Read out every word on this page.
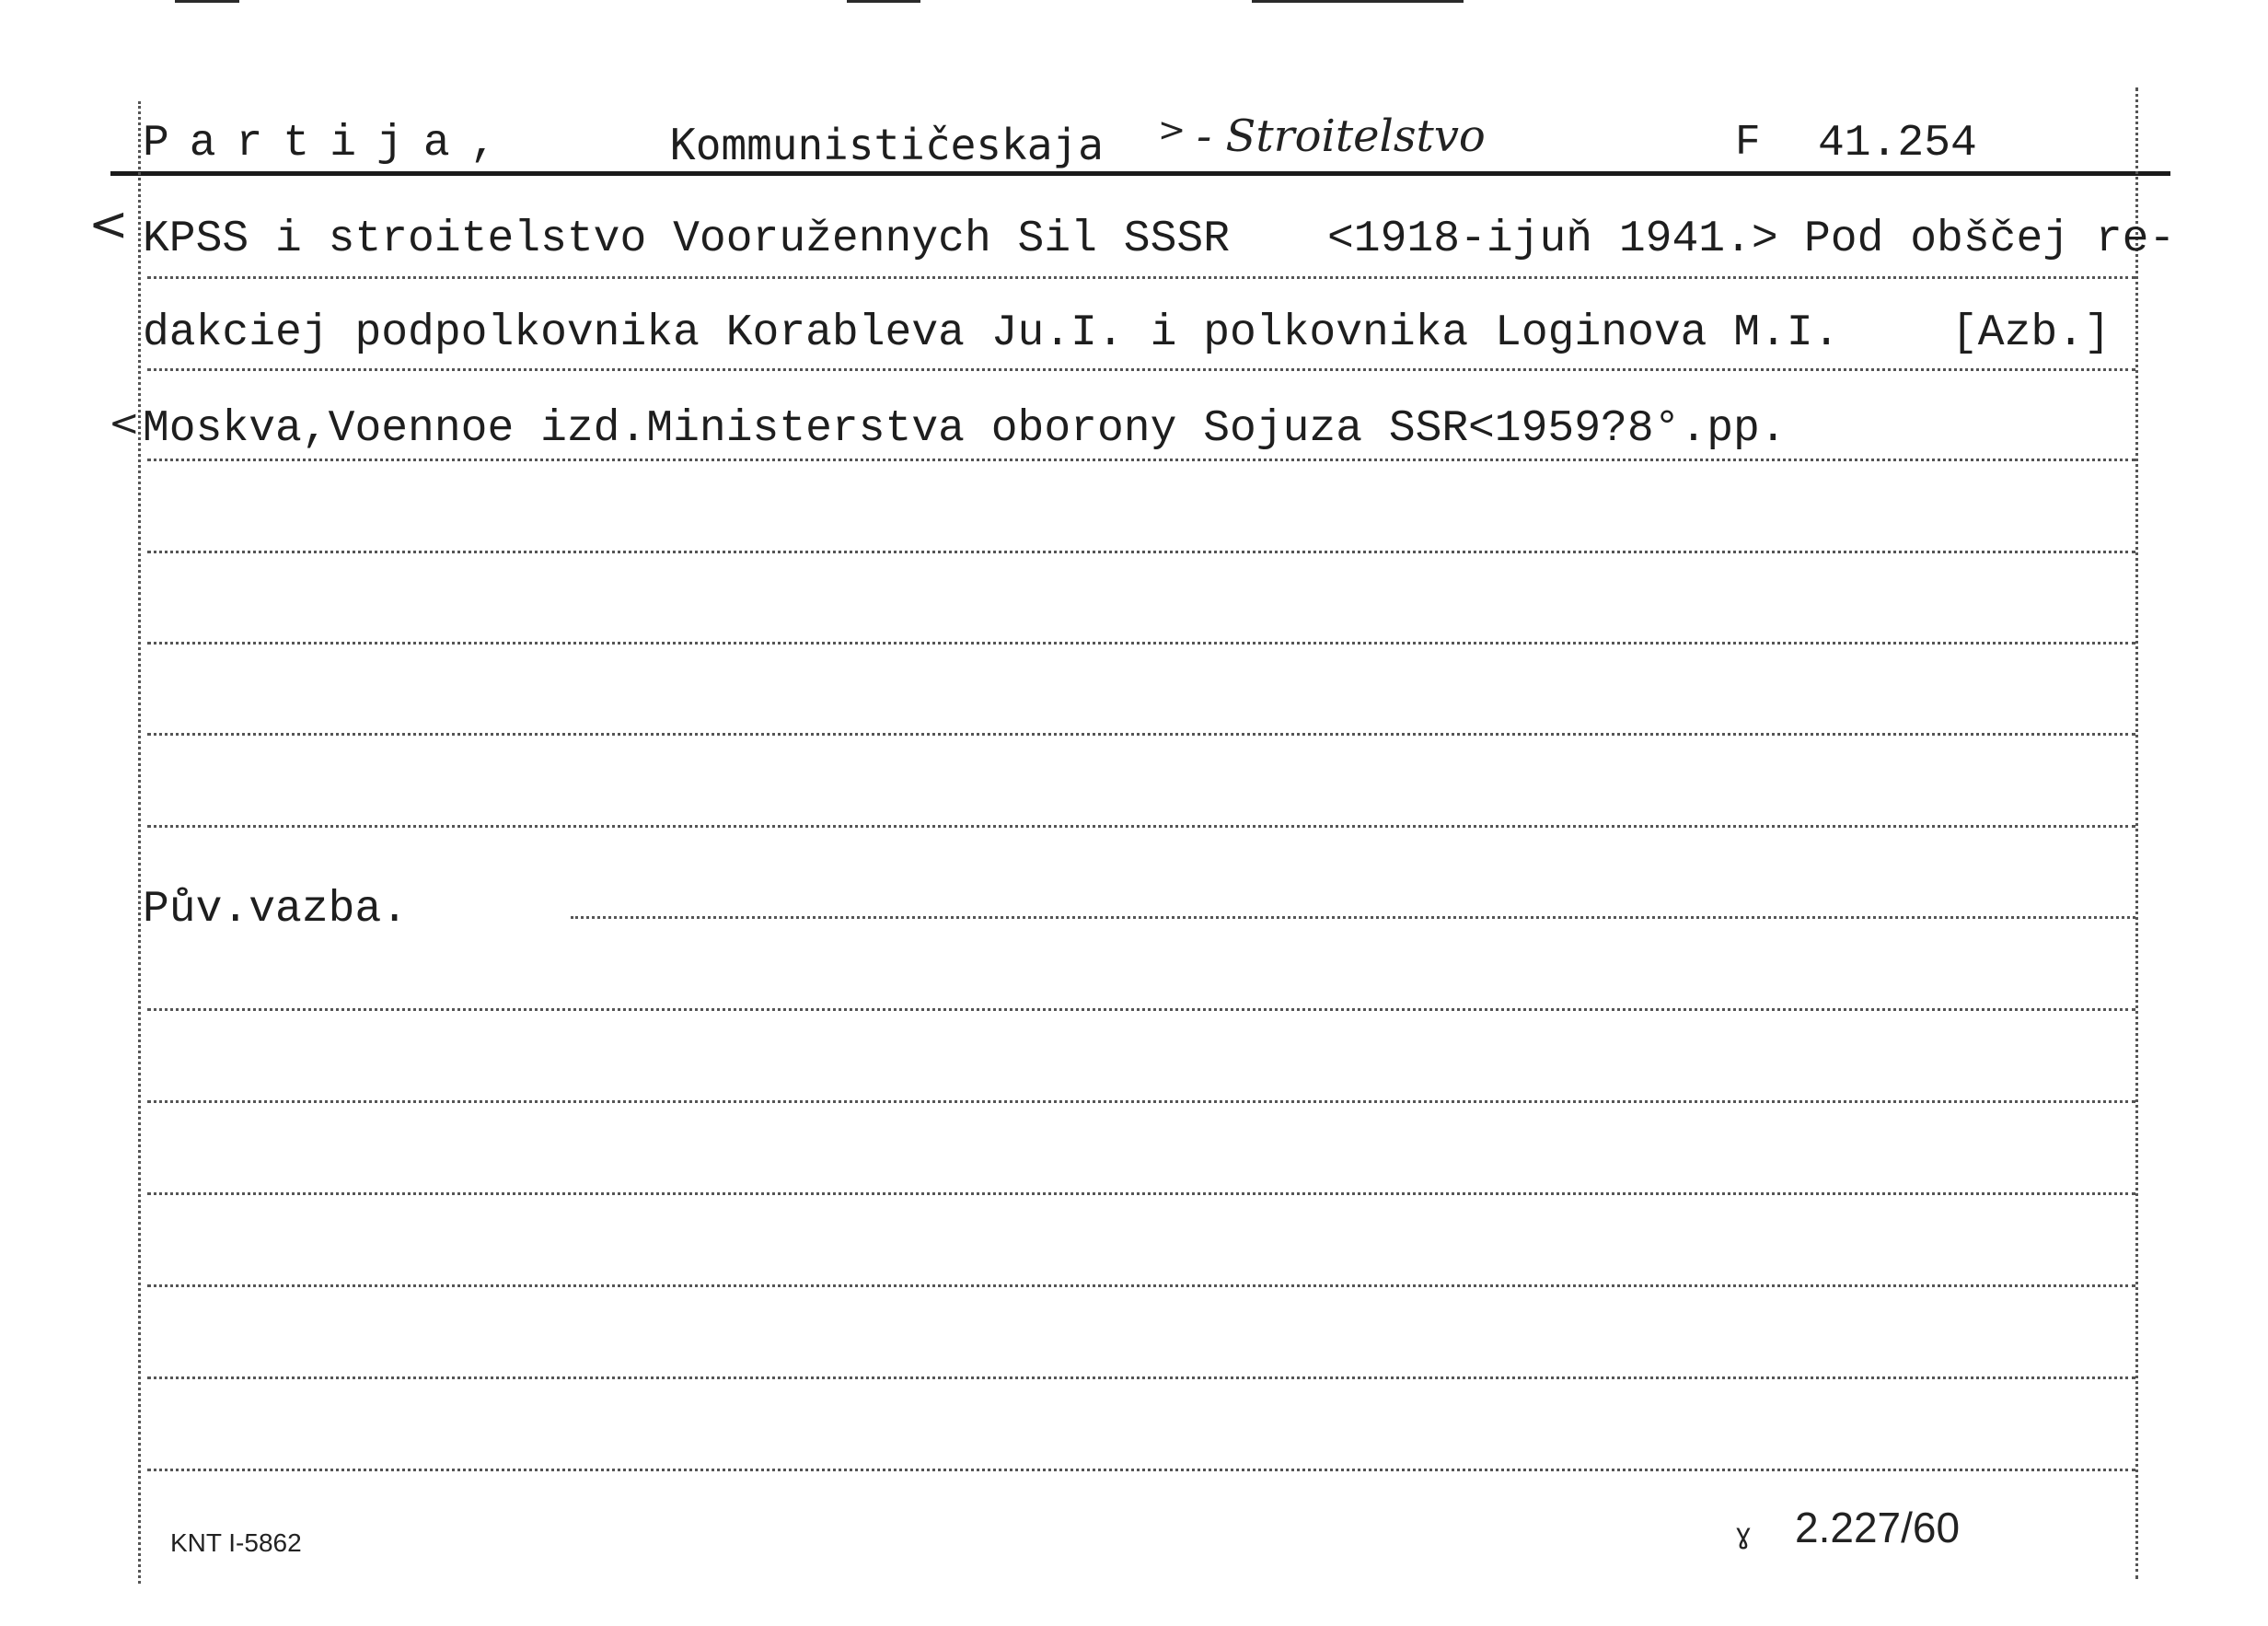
Partija,	Kommunističeskaja > - Stroitelstvo	F 41.254
< KPSS i stroitelstvo Vooružennych Sil SSSR <1918-ijuň 1941.> Pod obščej re-
dakciej podpolkovnika Korableva Ju.I. i polkovnika Loginova M.I.	[Azb.]
< Moskva,Voennoe izd.Ministerstva oborony Sojuza SSR <1959?8°.pp.
Pův.vazba.
KNT I-5862	ɣ 2.227/60
